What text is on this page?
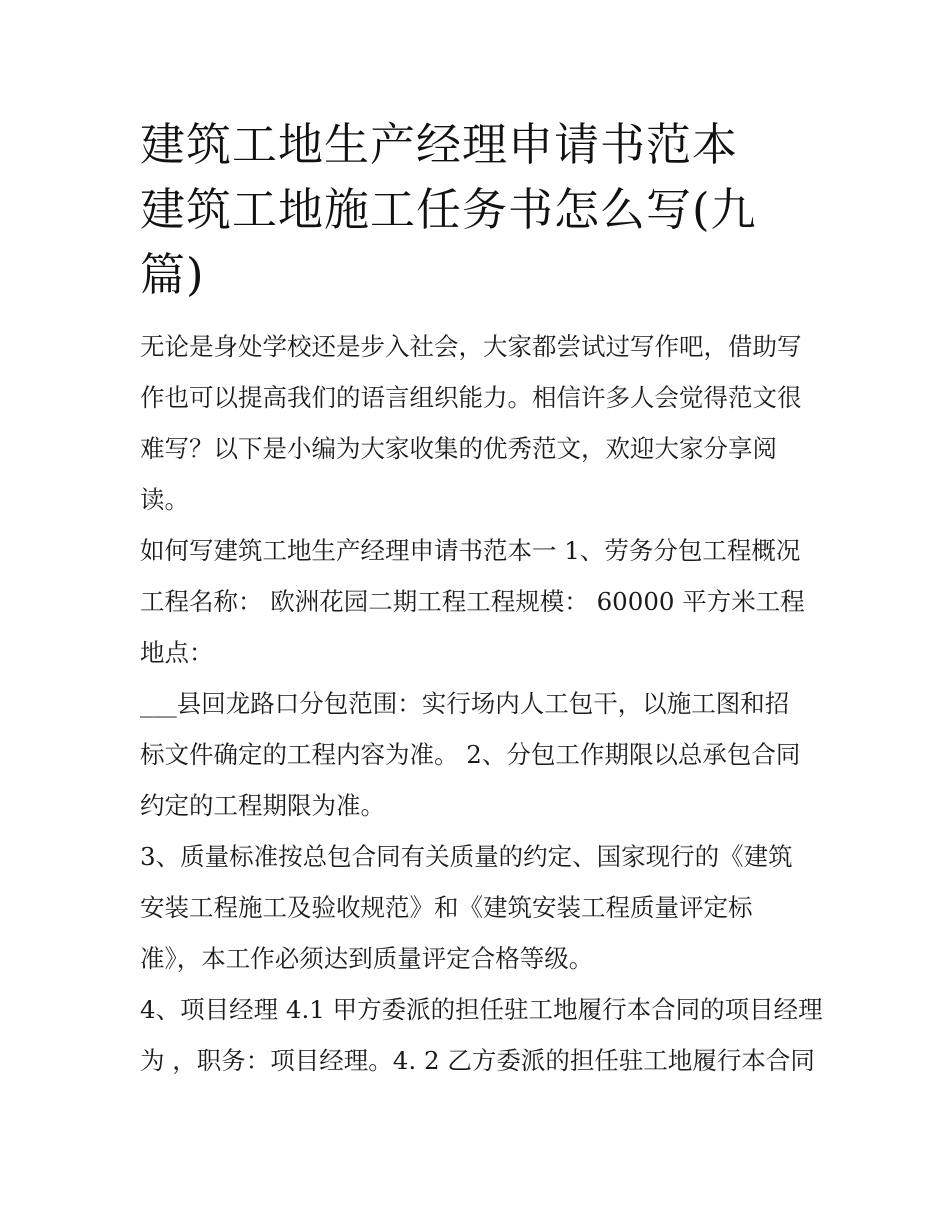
建筑工地生产经理申请书范本
建筑工地施工任务书怎么写(九
篇)

无论是身处学校还是步入社会，大家都尝试过写作吧，借助写
作也可以提高我们的语言组织能力。相信许多人会觉得范文很
难写？以下是小编为大家收集的优秀范文，欢迎大家分享阅
读。

如何写建筑工地生产经理申请书范本一 1、劳务分包工程概况
工程名称： 欧洲花园二期工程工程规模： 60000 平方米工程
地点：

___县回龙路口分包范围：实行场内人工包干，以施工图和招
标文件确定的工程内容为准。 2、分包工作期限以总承包合同
约定的工程期限为准。

3、质量标准按总包合同有关质量的约定、国家现行的《建筑
安装工程施工及验收规范》和《建筑安装工程质量评定标
准》，本工作必须达到质量评定合格等级。

4、项目经理 4.1 甲方委派的担任驻工地履行本合同的项目经理
为 ，职务：项目经理。4. 2 乙方委派的担任驻工地履行本合同
